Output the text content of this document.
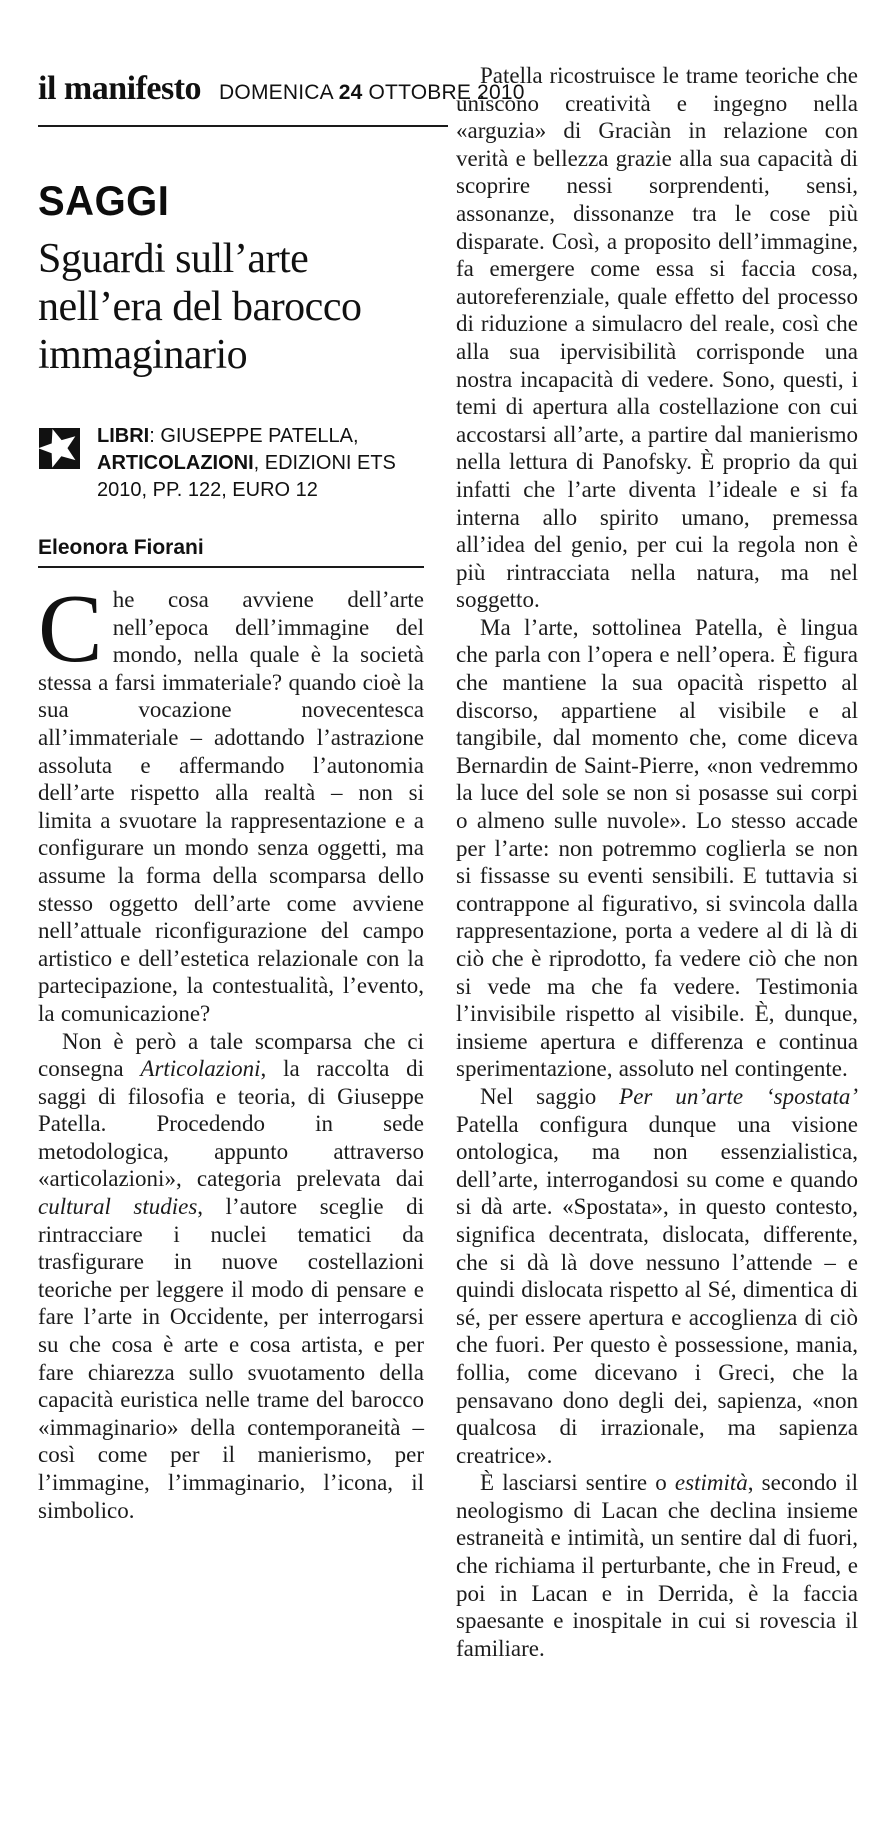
il manifesto DOMENICA 24 OTTOBRE 2010
SAGGI
Sguardi sull’arte nell’era del barocco immaginario
LIBRI: GIUSEPPE PATELLA, ARTICOLAZIONI, EDIZIONI ETS 2010, PP. 122, EURO 12
Eleonora Fiorani

Che cosa avviene dell’arte nell’epoca dell’immagine del mondo, nella quale è la società stessa a farsi immateriale? quando cioè la sua vocazione novecentesca all’immateriale – adottando l’astrazione assoluta e affermando l’autonomia dell’arte rispetto alla realtà – non si limita a svuotare la rappresentazione e a configurare un mondo senza oggetti, ma assume la forma della scomparsa dello stesso oggetto dell’arte come avviene nell’attuale riconfigurazione del campo artistico e dell’estetica relazionale con la partecipazione, la contestualità, l’evento, la comunicazione?

Non è però a tale scomparsa che ci consegna Articolazioni, la raccolta di saggi di filosofia e teoria, di Giuseppe Patella. Procedendo in sede metodologica, appunto attraverso «articolazioni», categoria prelevata dai cultural studies, l’autore sceglie di rintracciare i nuclei tematici da trasfigurare in nuove costellazioni teoriche per leggere il modo di pensare e fare l’arte in Occidente, per interrogarsi su che cosa è arte e cosa artista, e per fare chiarezza sullo svuotamento della capacità euristica nelle trame del barocco «immaginario» della contemporaneità – così come per il manierismo, per l’immagine, l’immaginario, l’icona, il simbolico.

Patella ricostruisce le trame teoriche che uniscono creatività e ingegno nella «arguzia» di Graciàn in relazione con verità e bellezza grazie alla sua capacità di scoprire nessi sorprendenti, sensi, assonanze, dissonanze tra le cose più disparate. Così, a proposito dell’immagine, fa emergere come essa si faccia cosa, autoreferenziale, quale effetto del processo di riduzione a simulacro del reale, così che alla sua ipervisibilità corrisponde una nostra incapacità di vedere. Sono, questi, i temi di apertura alla costellazione con cui accostarsi all’arte, a partire dal manierismo nella lettura di Panofsky. È proprio da qui infatti che l’arte diventa l’ideale e si fa interna allo spirito umano, premessa all’idea del genio, per cui la regola non è più rintracciata nella natura, ma nel soggetto.

Ma l’arte, sottolinea Patella, è lingua che parla con l’opera e nell’opera. È figura che mantiene la sua opacità rispetto al discorso, appartiene al visibile e al tangibile, dal momento che, come diceva Bernardin de Saint-Pierre, «non vedremmo la luce del sole se non si posasse sui corpi o almeno sulle nuvole». Lo stesso accade per l’arte: non potremmo coglierla se non si fissasse su eventi sensibili. E tuttavia si contrappone al figurativo, si svincola dalla rappresentazione, porta a vedere al di là di ciò che è riprodotto, fa vedere ciò che non si vede ma che fa vedere. Testimonia l’invisibile rispetto al visibile. È, dunque, insieme apertura e differenza e continua sperimentazione, assoluto nel contingente.

Nel saggio Per un’arte ‘spostata’ Patella configura dunque una visione ontologica, ma non essenzialistica, dell’arte, interrogandosi su come e quando si dà arte. «Spostata», in questo contesto, significa decentrata, dislocata, differente, che si dà là dove nessuno l’attende – e quindi dislocata rispetto al Sé, dimentica di sé, per essere apertura e accoglienza di ciò che fuori. Per questo è possessione, mania, follia, come dicevano i Greci, che la pensavano dono degli dei, sapienza, «non qualcosa di irrazionale, ma sapienza creatrice».

È lasciarsi sentire o estimità, secondo il neologismo di Lacan che declina insieme estraneità e intimità, un sentire dal di fuori, che richiama il perturbante, che in Freud, e poi in Lacan e in Derrida, è la faccia spaesante e inospitale in cui si rovescia il familiare.
